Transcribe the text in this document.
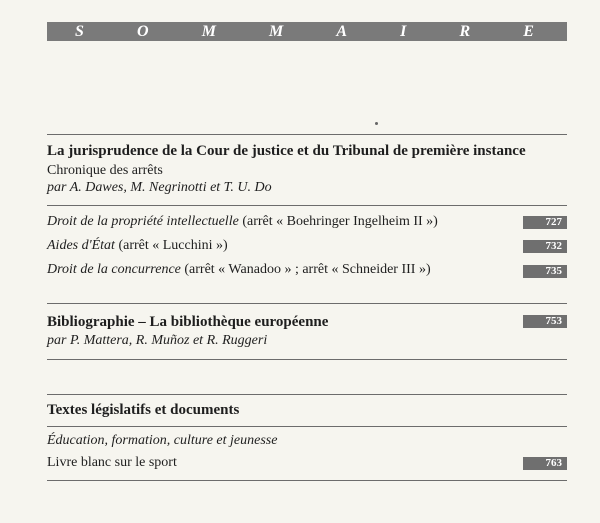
S	O	M	M	A	I	R	E
La jurisprudence de la Cour de justice et du Tribunal de première instance
Chronique des arrêts
par A. Dawes, M. Negrinotti et T. U. Do
Droit de la propriété intellectuelle (arrêt « Boehringer Ingelheim II »)	727
Aides d'État (arrêt « Lucchini »)	732
Droit de la concurrence (arrêt « Wanadoo » ; arrêt « Schneider III »)	735
Bibliographie – La bibliothèque européenne	753
par P. Mattera, R. Muñoz et R. Ruggeri
Textes législatifs et documents
Éducation, formation, culture et jeunesse
Livre blanc sur le sport	763
